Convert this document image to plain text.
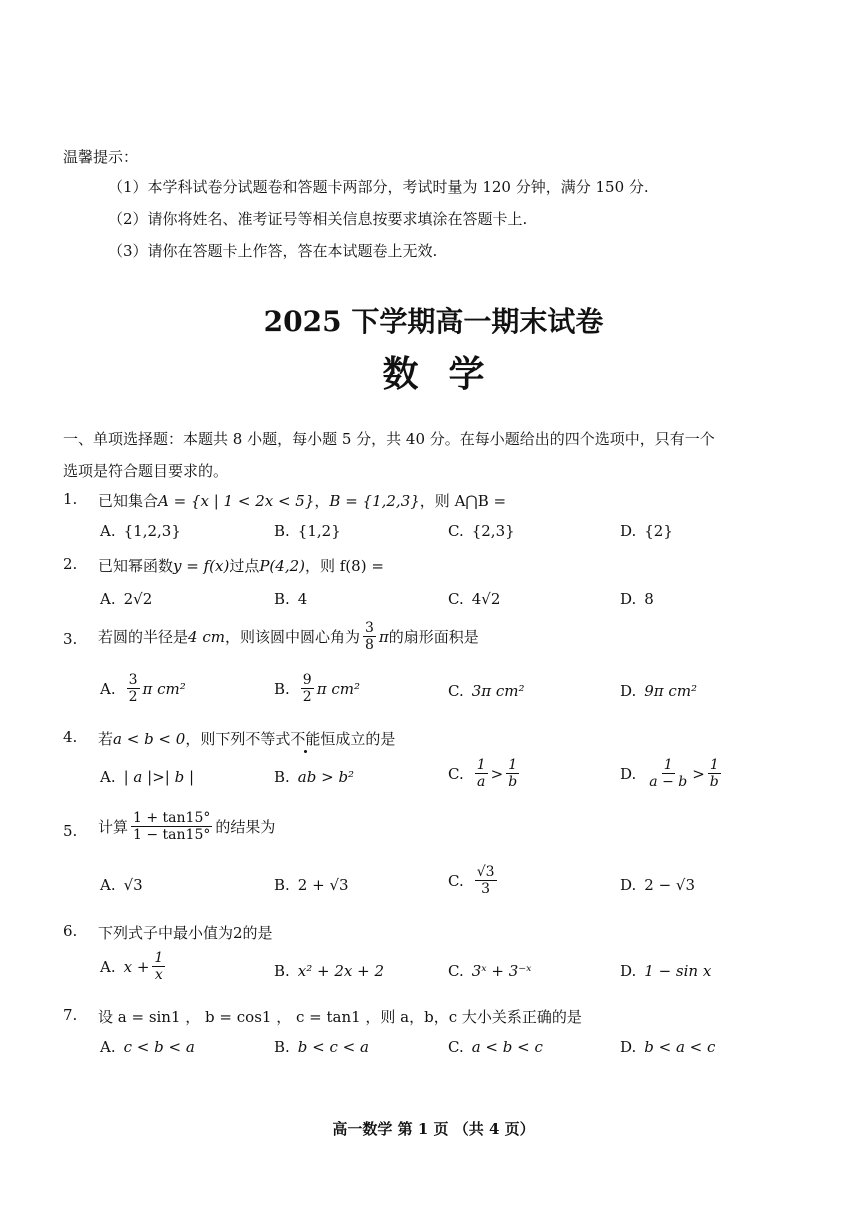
温馨提示：
（1）本学科试卷分试题卷和答题卡两部分，考试时量为 120 分钟，满分 150 分.
（2）请你将姓名、准考证号等相关信息按要求填涂在答题卡上.
（3）请你在答题卡上作答，答在本试题卷上无效.
2025 下学期高一期末试卷
数学
一、单项选择题：本题共 8 小题，每小题 5 分，共 40 分。在每小题给出的四个选项中，只有一个
选项是符合题目要求的。
1. 已知集合 A = {x | 1 < 2x < 5} ， B = {1,2,3} ，则 A⋂B =
A. {1,2,3}	B. {1,2}	C. {2,3}	D. {2}
2. 已知幂函数 y = f(x) 过点 P(4,2) ，则 f(8) =
A. 2√2	B. 4	C. 4√2	D. 8
3. 若圆的半径是 4 cm ，则该圆中圆心角为 $\frac{3}{8}$ π 的扇形面积是
A. $\frac{3}{2}$ π cm²	B. $\frac{9}{2}$ π cm²	C. 3π cm²	D. 9π cm²
4. 若 a < b < 0 ，则下列不等式 不能 恒成立的是
A. | a |>| b |	B. ab > b²	C. $\frac{1}{a} > \frac{1}{b}$	D. $\frac{1}{a - b} > \frac{1}{b}$
5. 计算 $\frac{1 + \tan 15^\circ}{1 - \tan 15^\circ}$ 的结果为
A. √3	B. 2 + √3	C. $\frac{√3}{3}$	D. 2 − √3
6. 下列式子中最小值为2的是
A. $x + \frac{1}{x}$	B. x² + 2x + 2	C. 3ˣ + 3⁻ˣ	D. 1 − sin x
7. 设 a = sin1 ， b = cos1 ， c = tan1 ，则 a，b，c 大小关系正确的是
A. c < b < a	B. b < c < a	C. a < b < c	D. b < a < c
高一数学 第 1 页 （共 4 页）
